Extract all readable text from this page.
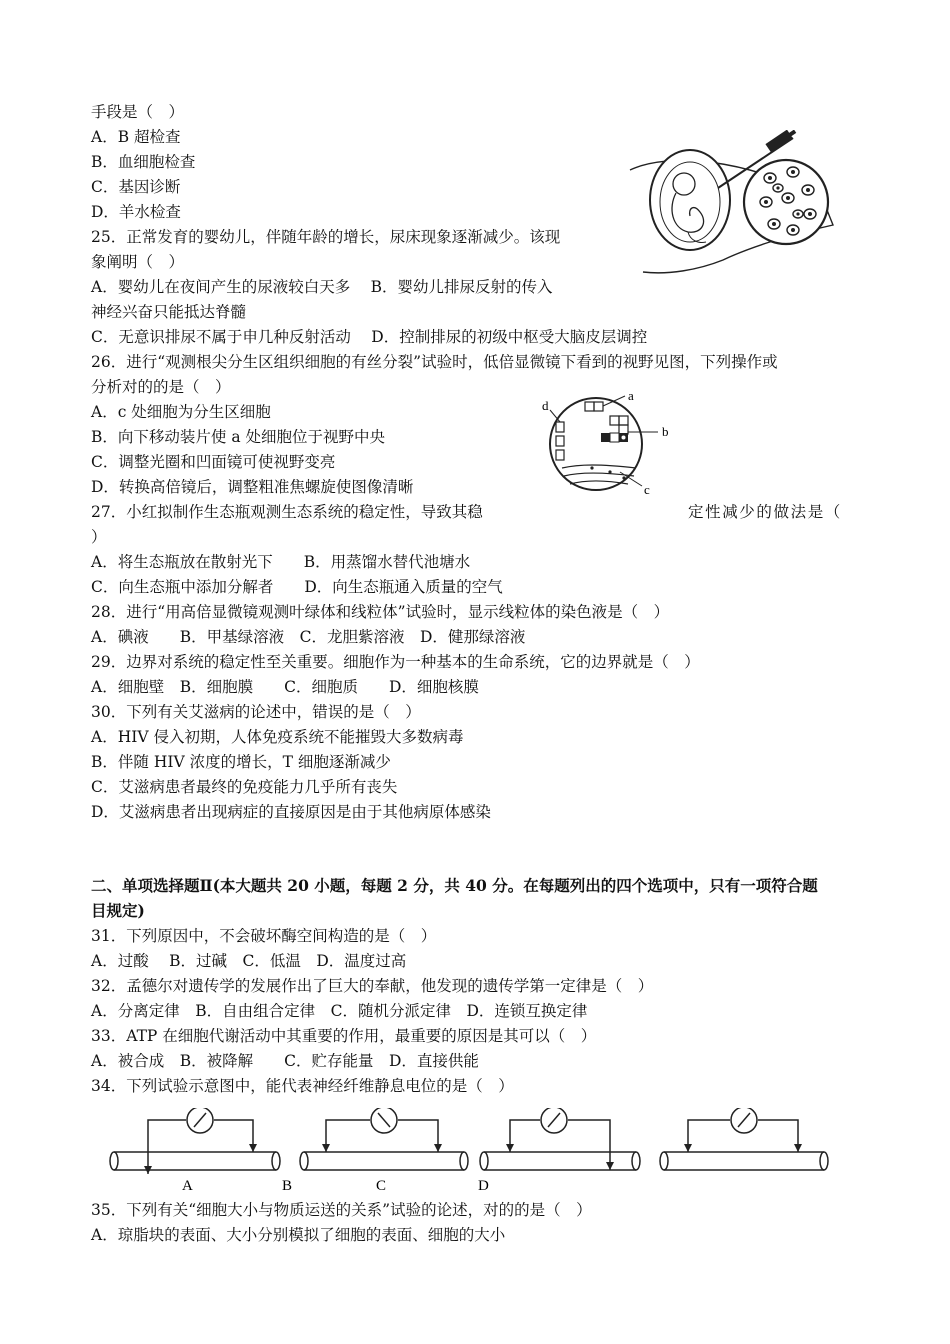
手段是（　）
A．B 超检查
B．血细胞检查
C．基因诊断
D．羊水检查
25．正常发育的婴幼儿，伴随年龄的增长，尿床现象逐渐减少。该现
象阐明（　）
A．婴幼儿在夜间产生的尿液较白天多　 B．婴幼儿排尿反射的传入
神经兴奋只能抵达脊髓
C．无意识排尿不属于申几种反射活动　 D．控制排尿的初级中枢受大脑皮层调控
26．进行“观测根尖分生区组织细胞的有丝分裂”试验时，低倍显微镜下看到的视野见图，下列操作或
分析对的的是（　）
A．c 处细胞为分生区细胞
B．向下移动装片使 a 处细胞位于视野中央
C．调整光圈和凹面镜可使视野变亮
D．转换高倍镜后，调整粗准焦螺旋使图像清晰
27．小红拟制作生态瓶观测生态系统的稳定性，导致其稳	定性减少的做法是（
）
A．将生态瓶放在散射光下　　B．用蒸馏水替代池塘水
C．向生态瓶中添加分解者　　D．向生态瓶通入质量的空气
28．进行“用高倍显微镜观测叶绿体和线粒体”试验时，显示线粒体的染色液是（　）
A．碘液　　B．甲基绿溶液　C．龙胆紫溶液　D．健那绿溶液
29．边界对系统的稳定性至关重要。细胞作为一种基本的生命系统，它的边界就是（　）
A．细胞壁　B．细胞膜　　C．细胞质　　D．细胞核膜
30．下列有关艾滋病的论述中，错误的是（　）
A．HIV 侵入初期，人体免疫系统不能摧毁大多数病毒
B．伴随 HIV 浓度的增长，T 细胞逐渐减少
C．艾滋病患者最终的免疫能力几乎所有丧失
D．艾滋病患者出现病症的直接原因是由于其他病原体感染
二、单项选择题Ⅱ(本大题共 20 小题，每题 2 分，共 40 分。在每题列出的四个选项中，只有一项符合题
目规定)
31．下列原因中，不会破坏酶空间构造的是（　）
A．过酸　 B．过碱　C．低温　D．温度过高
32．孟德尔对遗传学的发展作出了巨大的奉献，他发现的遗传学第一定律是（　）
A．分离定律　B．自由组合定律　C．随机分派定律　D．连锁互换定律
33．ATP 在细胞代谢活动中其重要的作用，最重要的原因是其可以（　）
A．被合成　B．被降解　　C．贮存能量　D．直接供能
34．下列试验示意图中，能代表神经纤维静息电位的是（　）
35．下列有关“细胞大小与物质运送的关系”试验的论述，对的的是（　）
A．琼脂块的表面、大小分别模拟了细胞的表面、细胞的大小
a
b
c
d
A	B	C	D
